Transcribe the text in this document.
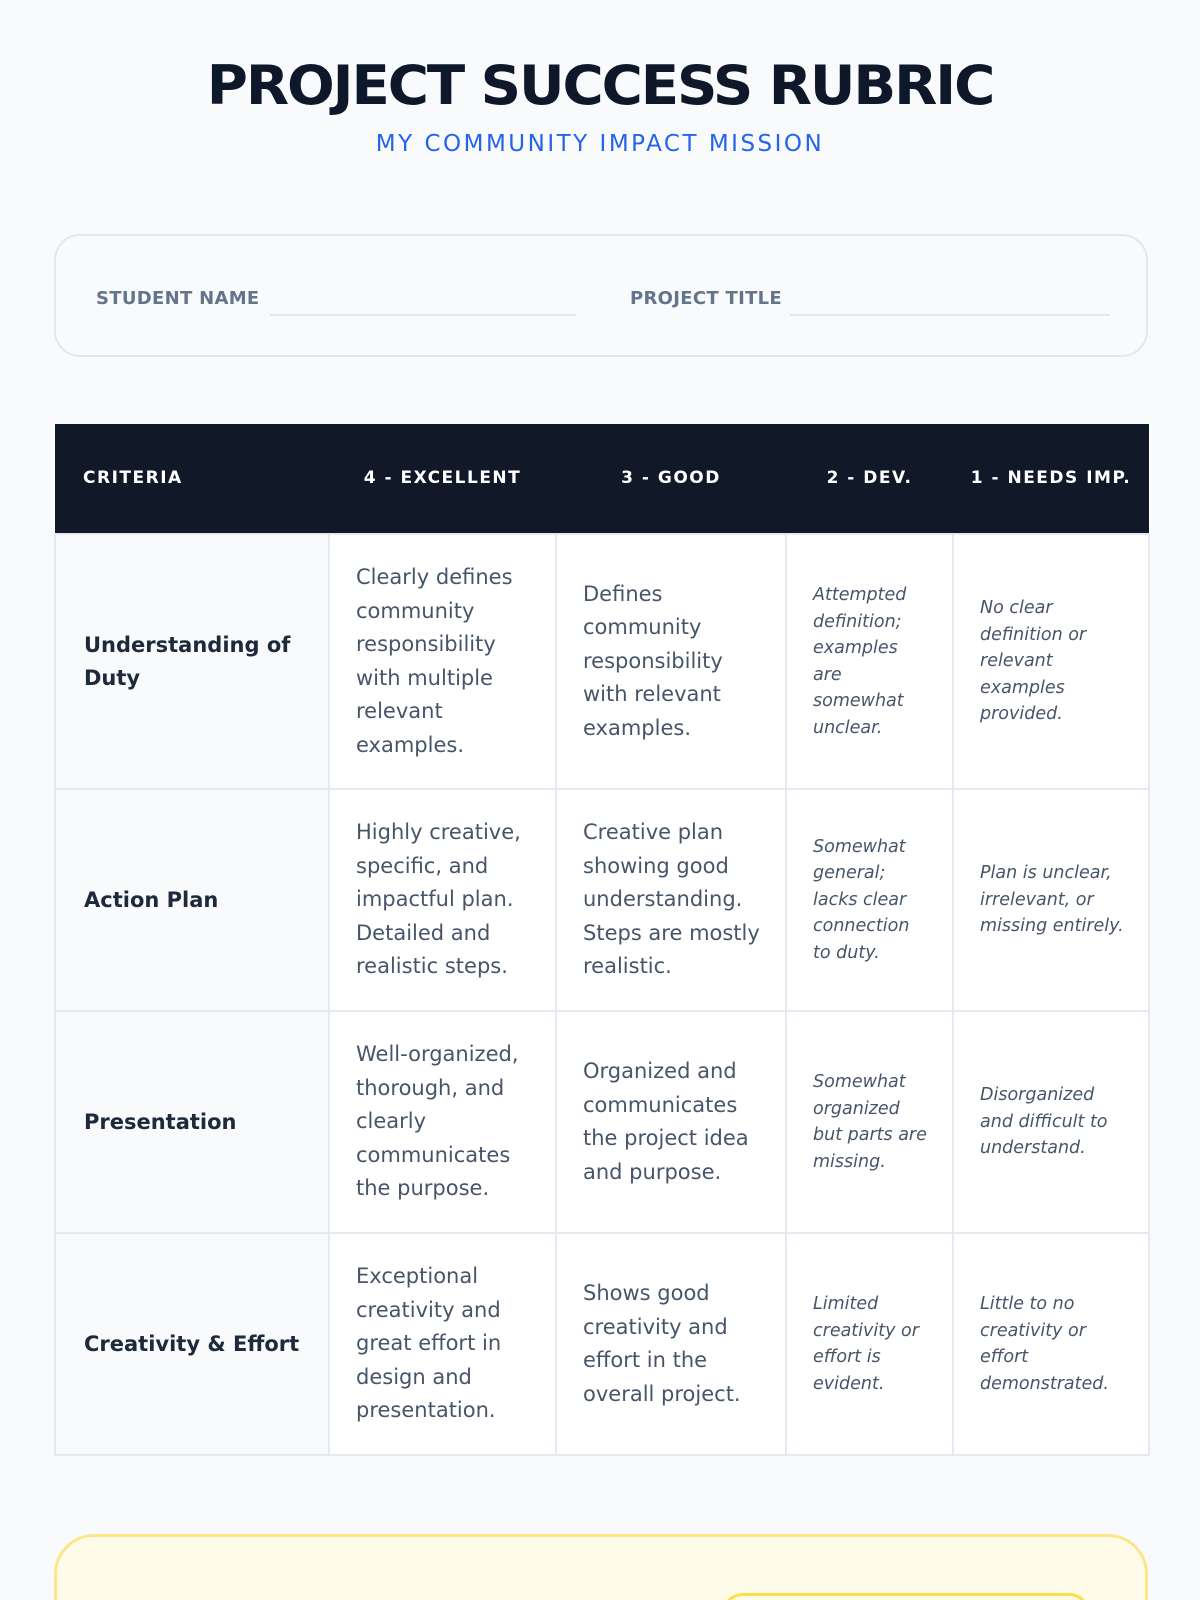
PROJECT SUCCESS RUBRIC
MY COMMUNITY IMPACT MISSION
STUDENT NAME	PROJECT TITLE
CRITERIA	4 - EXCELLENT	3 - GOOD	2 - DEV.	1 - NEEDS IMP.
Understanding of Duty	Clearly defines community responsibility with multiple relevant examples.	Defines community responsibility with relevant examples.	Attempted definition; examples are somewhat unclear.	No clear definition or relevant examples provided.
Action Plan	Highly creative, specific, and impactful plan. Detailed and realistic steps.	Creative plan showing good understanding. Steps are mostly realistic.	Somewhat general; lacks clear connection to duty.	Plan is unclear, irrelevant, or missing entirely.
Presentation	Well-organized, thorough, and clearly communicates the purpose.	Organized and communicates the project idea and purpose.	Somewhat organized but parts are missing.	Disorganized and difficult to understand.
Creativity & Effort	Exceptional creativity and great effort in design and presentation.	Shows good creativity and effort in the overall project.	Limited creativity or effort is evident.	Little to no creativity or effort demonstrated.
